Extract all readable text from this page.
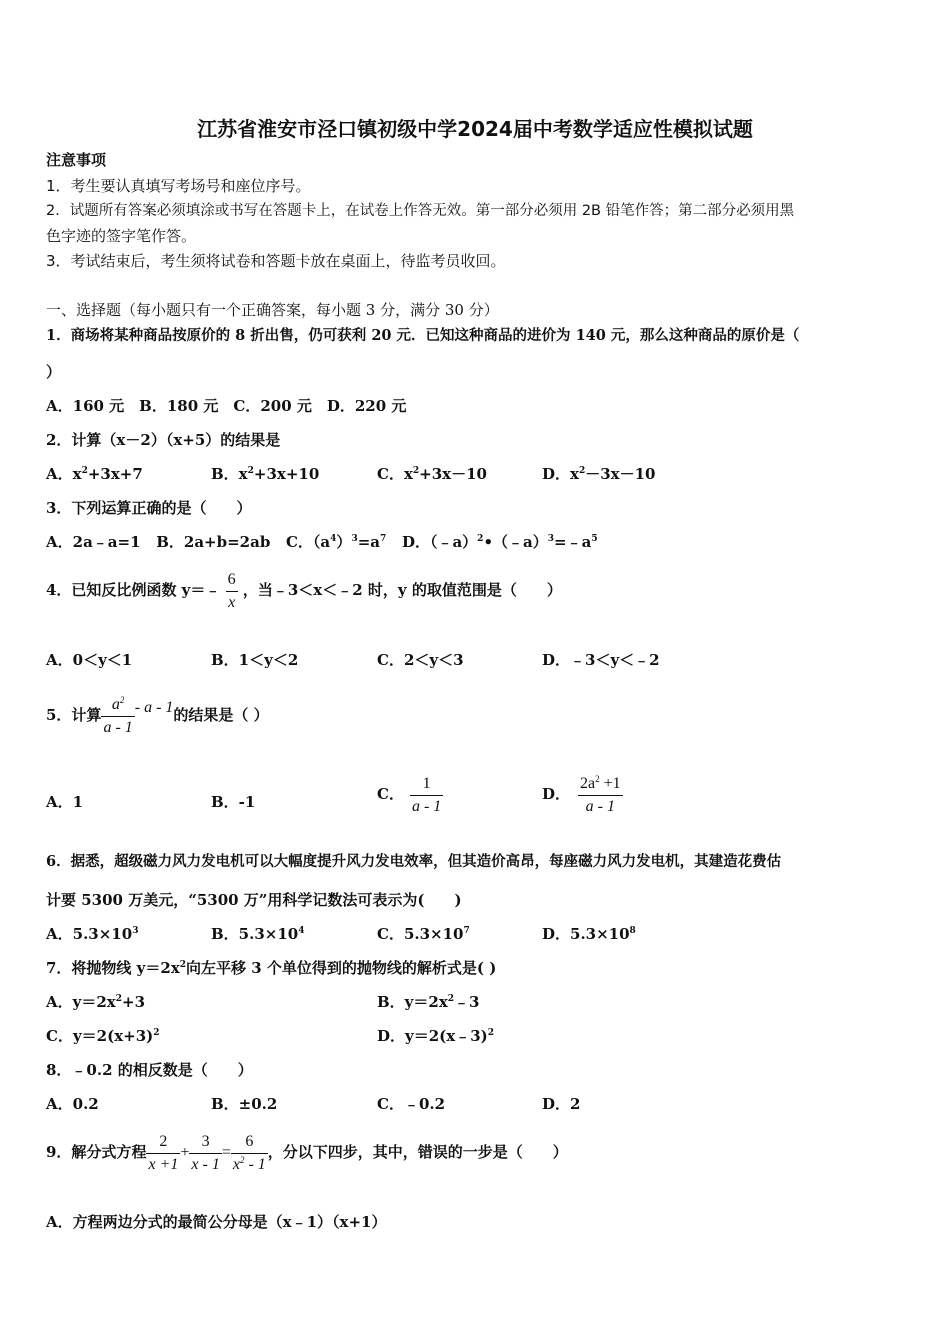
江苏省淮安市泾口镇初级中学2024届中考数学适应性模拟试题
注意事项
1．考生要认真填写考场号和座位序号。
2．试题所有答案必须填涂或书写在答题卡上，在试卷上作答无效。第一部分必须用 2B 铅笔作答；第二部分必须用黑
色字迹的签字笔作答。
3．考试结束后，考生须将试卷和答题卡放在桌面上，待监考员收回。
一、选择题（每小题只有一个正确答案，每小题 3 分，满分 30 分）
1．商场将某种商品按原价的 8 折出售，仍可获利 20 元．已知这种商品的进价为 140 元，那么这种商品的原价是（
）
A．160 元　B．180 元　C．200 元　D．220 元
2．计算（x－2）（x+5）的结果是
A．$x^2+3x+7$	B．$x^2+3x+10$	C．$x^2+3x-10$	D．$x^2-3x-10$
3．下列运算正确的是（　　）
A．2a﹣a=1 B．2a+b=2ab C．$(a^4)^3=a^7$ D．$(﹣a)^2•(﹣a)^3=﹣a^5$
4．已知反比例函数 y＝﹣ $\frac{6}{x}$ ，当﹣3＜x＜﹣2 时，y 的取值范围是（　　）
A．0＜y＜1	B．1＜y＜2	C．2＜y＜3	D．﹣3＜y＜﹣2
5．计算 $\frac{a^2}{a - 1}$ - a - 1的结果是（ ）
A．1	B．-1	C． $\frac{1}{a - 1}$	D． $\frac{2a^2 +1}{a - 1}$
6．据悉，超级磁力风力发电机可以大幅度提升风力发电效率，但其造价高昂，每座磁力风力发电机，其建造花费估
计要 5300 万美元，“5300 万”用科学记数法可表示为(　　)
A．$5.3\times 10^3$	B．$5.3\times 10^4$	C．$5.3\times 10^7$	D．$5.3\times 10^8$
7．将抛物线 $y=2x^2$向左平移 3 个单位得到的抛物线的解析式是( )
A．$y=2x^2+3$	B．$y=2x^2﹣3$
C．$y=2(x+3)^2$	D．y＝2(x﹣3)$^2$
8．﹣0.2 的相反数是（　　）
A．0.2	B．±0.2	C．﹣0.2	D．2
9．解分式方程 $\frac{2}{x +1} + \frac{3}{x - 1} = \frac{6}{x^2 - 1}$ ，分以下四步，其中，错误的一步是（　　）
A．方程两边分式的最简公分母是（x﹣1）（x+1）
